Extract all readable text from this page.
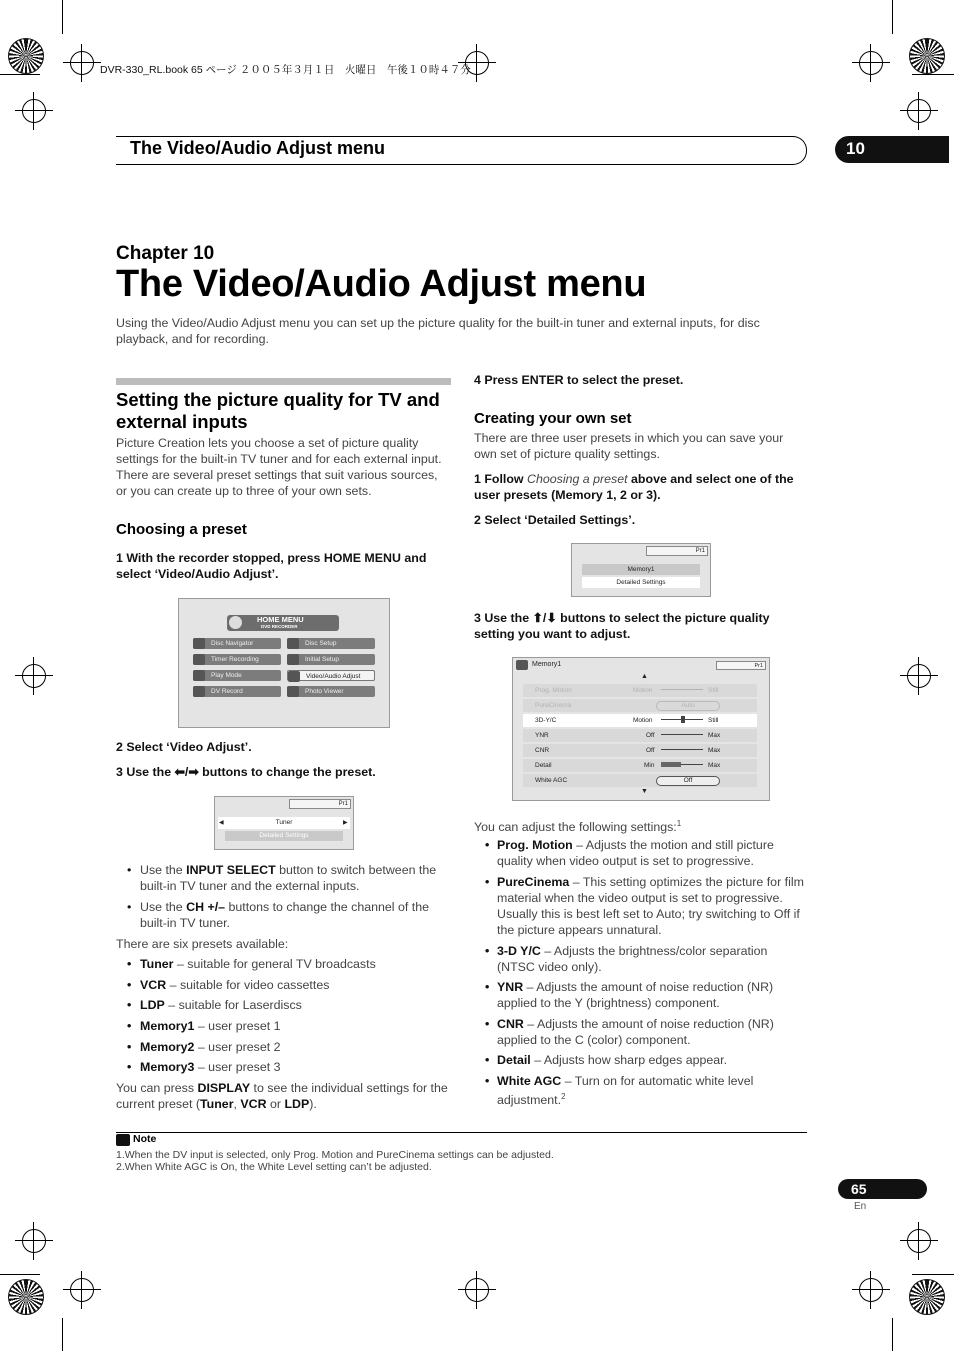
DVR-330_RL.book 65 ページ ２００５年３月１日　火曜日　午後１０時４７分
The Video/Audio Adjust menu	10
Chapter 10
The Video/Audio Adjust menu
Using the Video/Audio Adjust menu you can set up the picture quality for the built-in tuner and external inputs, for disc playback, and for recording.
Setting the picture quality for TV and external inputs
Picture Creation lets you choose a set of picture quality settings for the built-in TV tuner and for each external input. There are several preset settings that suit various sources, or you can create up to three of your own sets.
Choosing a preset
1 With the recorder stopped, press HOME MENU and select ‘Video/Audio Adjust’.
HOME MENU
DVD RECORDER
Disc Navigator
Timer Recording
Play Mode
DV Record
Disc Setup
Initial Setup
Video/Audio Adjust
Photo Viewer
2 Select ‘Video Adjust’.
3 Use the ⬅/➡ buttons to change the preset.
Pr1
Tuner
◀	▶
Detailed Settings
• Use the INPUT SELECT button to switch between the built-in TV tuner and the external inputs.
• Use the CH +/– buttons to change the channel of the built-in TV tuner.
There are six presets available:
• Tuner – suitable for general TV broadcasts
• VCR – suitable for video cassettes
• LDP – suitable for Laserdiscs
• Memory1 – user preset 1
• Memory2 – user preset 2
• Memory3 – user preset 3
You can press DISPLAY to see the individual settings for the current preset (Tuner, VCR or LDP).
4 Press ENTER to select the preset.
Creating your own set
There are three user presets in which you can save your own set of picture quality settings.
1 Follow Choosing a preset above and select one of the user presets (Memory 1, 2 or 3).
2 Select ‘Detailed Settings’.
Pr1
Memory1
Detailed Settings
3 Use the ⬆/⬇ buttons to select the picture quality setting you want to adjust.
Memory1	Pr1
▲
Prog. Motion	Motion	Still
PureCinema	Auto
3D-Y/C	Motion	Still
YNR	Off	Max
CNR	Off	Max
Detail	Min	Max
White AGC	Off
▼
You can adjust the following settings:$^1$
• Prog. Motion – Adjusts the motion and still picture quality when video output is set to progressive.
• PureCinema – This setting optimizes the picture for film material when the video output is set to progressive. Usually this is best left set to Auto; try switching to Off if the picture appears unnatural.
• 3-D Y/C – Adjusts the brightness/color separation (NTSC video only).
• YNR – Adjusts the amount of noise reduction (NR) applied to the Y (brightness) component.
• CNR – Adjusts the amount of noise reduction (NR) applied to the C (color) component.
• Detail – Adjusts how sharp edges appear.
• White AGC – Turn on for automatic white level adjustment.$^2$
Note
1.When the DV input is selected, only Prog. Motion and PureCinema settings can be adjusted.
2.When White AGC is On, the White Level setting can’t be adjusted.
65
En
